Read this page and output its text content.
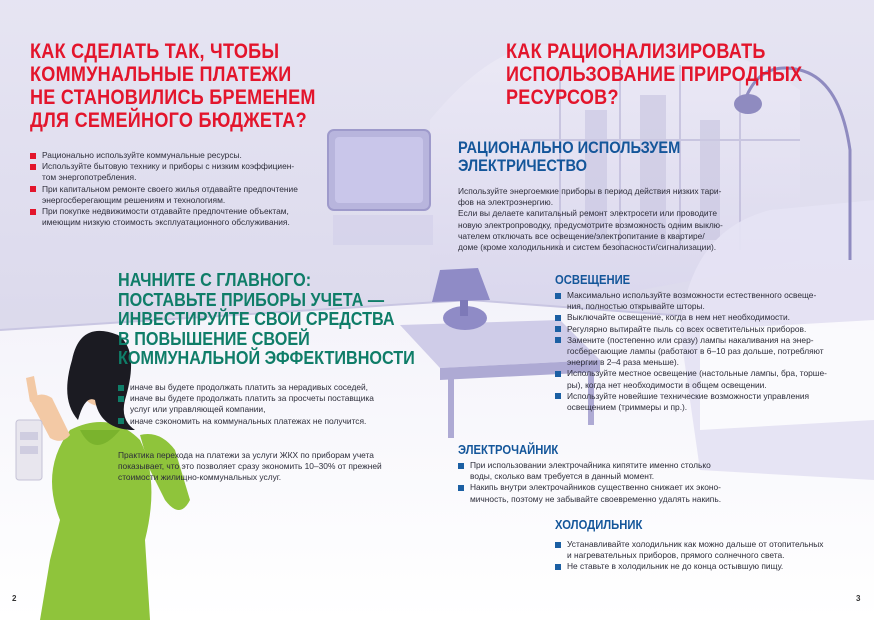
КАК СДЕЛАТЬ ТАК, ЧТОБЫ
КОММУНАЛЬНЫЕ ПЛАТЕЖИ
НЕ СТАНОВИЛИСЬ БРЕМЕНЕМ
ДЛЯ СЕМЕЙНОГО БЮДЖЕТА?
Рационально используйте коммунальные ресурсы.
Используйте бытовую технику и приборы с низким коэффициен-
том энергопотребления.
При капитальном ремонте своего жилья отдавайте предпочтение
энергосберегающим решениям и технологиям.
При покупке недвижимости отдавайте предпочтение объектам,
имеющим низкую стоимость эксплуатационного обслуживания.
НАЧНИТЕ С ГЛАВНОГО:
ПОСТАВЬТЕ ПРИБОРЫ УЧЕТА —
ИНВЕСТИРУЙТЕ СВОИ СРЕДСТВА
В ПОВЫШЕНИЕ СВОЕЙ
КОММУНАЛЬНОЙ ЭФФЕКТИВНОСТИ
иначе вы будете продолжать платить за нерадивых соседей,
иначе вы будете продолжать платить за просчеты поставщика
услуг или управляющей компании,
иначе сэкономить на коммунальных платежах не получится.
Практика перехода на платежи за услуги ЖКХ по приборам учета
показывает, что это позволяет сразу экономить 10–30% от прежней
стоимости жилищно-коммунальных услуг.
2
КАК РАЦИОНАЛИЗИРОВАТЬ
ИСПОЛЬЗОВАНИЕ ПРИРОДНЫХ
РЕСУРСОВ?
РАЦИОНАЛЬНО ИСПОЛЬЗУЕМ
ЭЛЕКТРИЧЕСТВО
Используйте энергоемкие приборы в период действия низких тари-
фов на электроэнергию.
Если вы делаете капитальный ремонт электросети или проводите
новую электропроводку, предусмотрите возможность одним выклю-
чателем отключать все освещение/электропитание в квартире/
доме (кроме холодильника и систем безопасности/сигнализации).
ОСВЕЩЕНИЕ
Максимально используйте возможности естественного освеще-
ния, полностью открывайте шторы.
Выключайте освещение, когда в нем нет необходимости.
Регулярно вытирайте пыль со всех осветительных приборов.
Замените (постепенно или сразу) лампы накаливания на энер-
госберегающие лампы (работают в 6–10 раз дольше, потребляют
энергии в 2–4 раза меньше).
Используйте местное освещение (настольные лампы, бра, торше-
ры), когда нет необходимости в общем освещении.
Используйте новейшие технические возможности управления
освещением (триммеры и пр.).
ЭЛЕКТРОЧАЙНИК
При использовании электрочайника кипятите именно столько
воды, сколько вам требуется в данный момент.
Накипь внутри электрочайников существенно снижает их эконо-
мичность, поэтому не забывайте своевременно удалять накипь.
ХОЛОДИЛЬНИК
Устанавливайте холодильник как можно дальше от отопительных
и нагревательных приборов, прямого солнечного света.
Не ставьте в холодильник не до конца остывшую пищу.
3
